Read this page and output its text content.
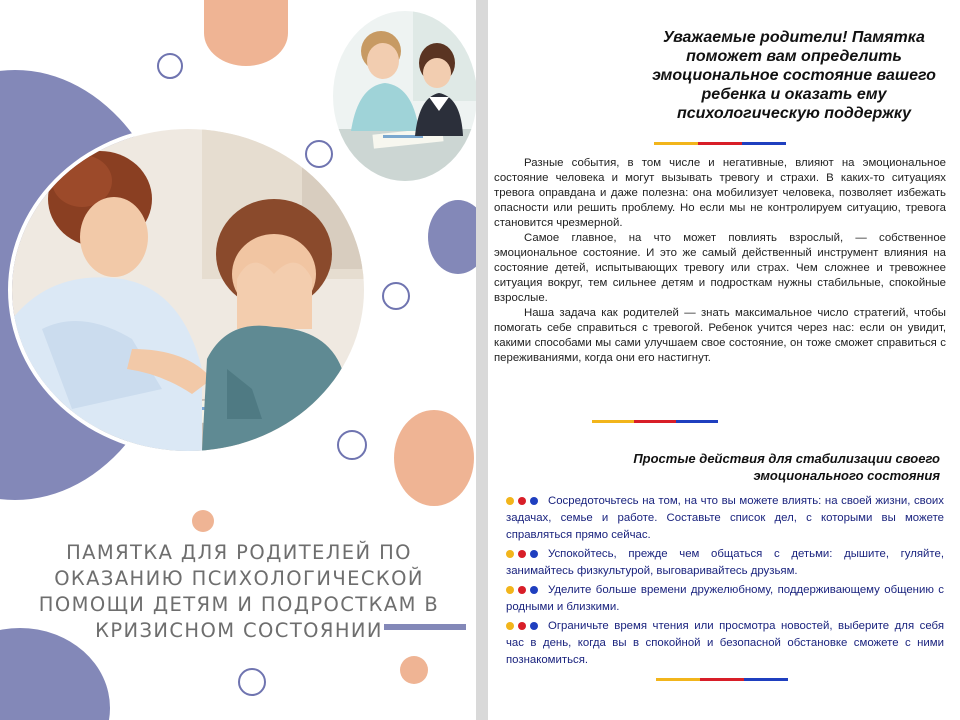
ПАМЯТКА ДЛЯ РОДИТЕЛЕЙ ПО ОКАЗАНИЮ ПСИХОЛОГИЧЕСКОЙ ПОМОЩИ ДЕТЯМ И ПОДРОСТКАМ В КРИЗИСНОМ СОСТОЯНИИ
Уважаемые родители! Памятка поможет вам определить эмоциональное состояние вашего ребенка и оказать ему психологическую поддержку

Разные события, в том числе и негативные, влияют на эмоциональное состояние человека и могут вызывать тревогу и страхи. В каких-то ситуациях тревога оправдана и даже полезна: она мобилизует человека, позволяет избежать опасности или решить проблему. Но если мы не контролируем ситуацию, тревога становится чрезмерной.

Самое главное, на что может повлиять взрослый, — собственное эмоциональное состояние. И это же самый действенный инструмент влияния на состояние детей, испытывающих тревогу или страх. Чем сложнее и тревожнее ситуация вокруг, тем сильнее детям и подросткам нужны стабильные, спокойные взрослые.

Наша задача как родителей — знать максимальное число стратегий, чтобы помогать себе справиться с тревогой. Ребенок учится через нас: если он увидит, какими способами мы сами улучшаем свое состояние, он тоже сможет справиться с переживаниями, когда они его настигнут.

Простые действия для стабилизации своего эмоционального состояния
Сосредоточьтесь на том, на что вы можете влиять: на своей жизни, своих задачах, семье и работе. Составьте список дел, с которыми вы можете справляться прямо сейчас.
Успокойтесь, прежде чем общаться с детьми: дышите, гуляйте, занимайтесь физкультурой, выговаривайтесь друзьям.
Уделите больше времени дружелюбному, поддерживающему общению с родными и близкими.
Ограничьте время чтения или просмотра новостей, выберите для себя час в день, когда вы в спокойной и безопасной обстановке сможете с ними познакомиться.
